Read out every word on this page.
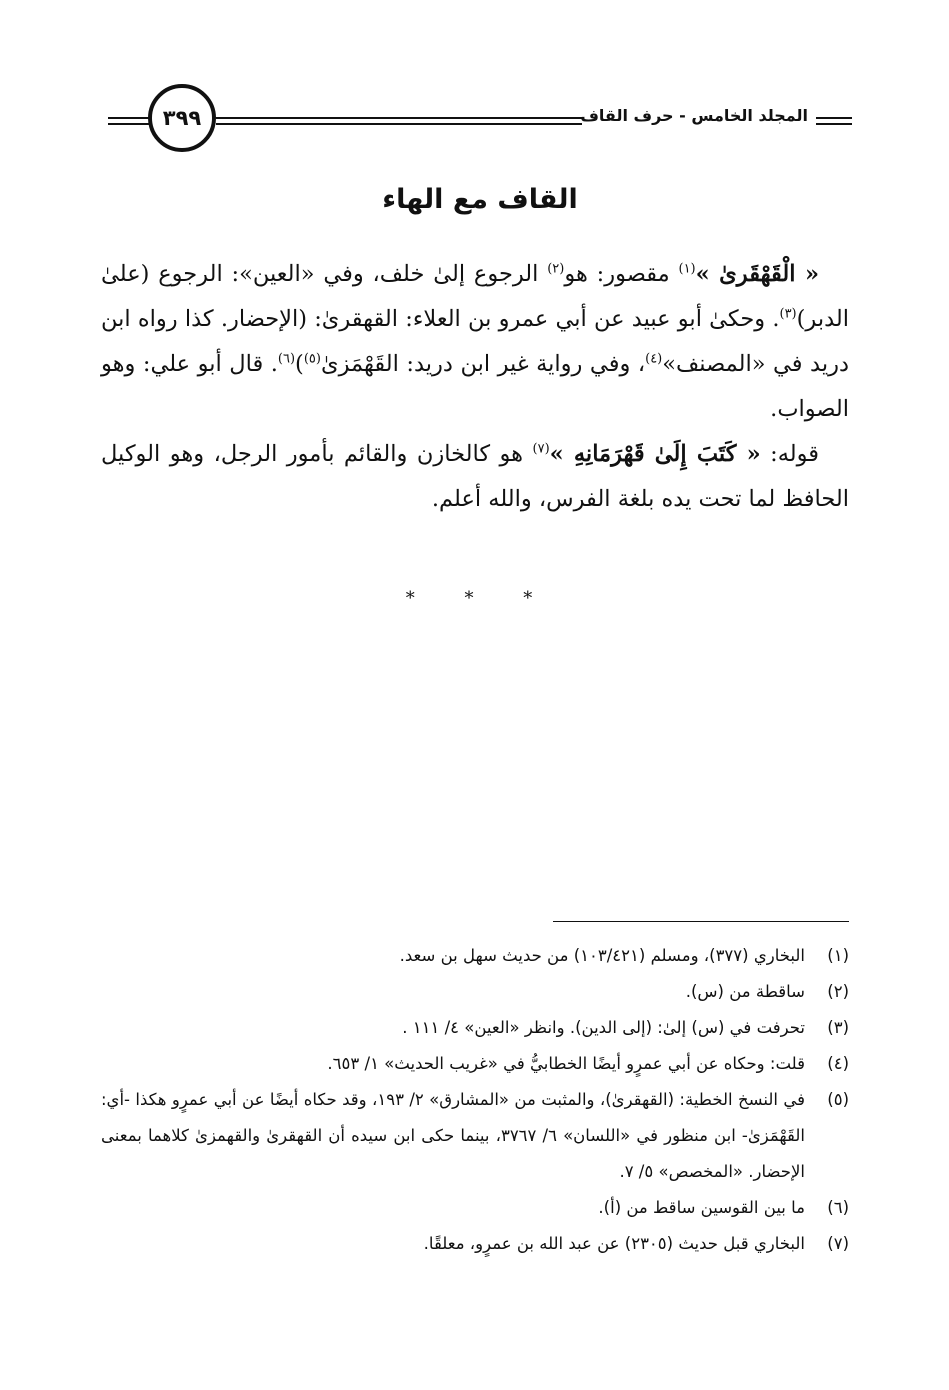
المجلد الخامس - حرف القاف
٣٩٩
القاف مع الهاء

« الْقَهْقَرىٰ »$^{(١)}$ مقصور: هو$^{(٢)}$ الرجوع إلىٰ خلف، وفي «العين»: الرجوع (علىٰ الدبر)$^{(٣)}$. وحكىٰ أبو عبيد عن أبي عمرو بن العلاء: القهقرىٰ: (الإحضار. كذا رواه ابن دريد في «المصنف»$^{(٤)}$، وفي رواية غير ابن دريد: القَهْمَزىٰ$^{(٥)}$)$^{(٦)}$. قال أبو علي: وهو الصواب.

قوله: « كَتَبَ إِلَىٰ قَهْرَمَانِهِ »$^{(٧)}$ هو كالخازن والقائم بأمور الرجل، وهو الوكيل الحافظ لما تحت يده بلغة الفرس، والله أعلم.

* * *
(١)
البخاري (٣٧٧)، ومسلم (١٠٣/٤٢١) من حديث سهل بن سعد.
(٢)
ساقطة من (س).
(٣)
تحرفت في (س) إلىٰ: (إلى الدين). وانظر «العين» ٤/ ١١١ .
(٤)
قلت: وحكاه عن أبي عمرٍو أيضًا الخطابيُّ في «غريب الحديث» ١/ ٦٥٣.
(٥)
في النسخ الخطية: (القهقرىٰ)، والمثبت من «المشارق» ٢/ ١٩٣، وقد حكاه أيضًا عن أبي عمرٍو هكذا -أي: القَهْمَزىٰ- ابن منظور في «اللسان» ٦/ ٣٧٦٧، بينما حكى ابن سيده أن القهقرىٰ والقهمزىٰ كلاهما بمعنى الإحضار. «المخصص» ٥/ ٧.
(٦)
ما بين القوسين ساقط من (أ).
(٧)
البخاري قبل حديث (٢٣٠٥) عن عبد الله بن عمرٍو، معلقًا.
